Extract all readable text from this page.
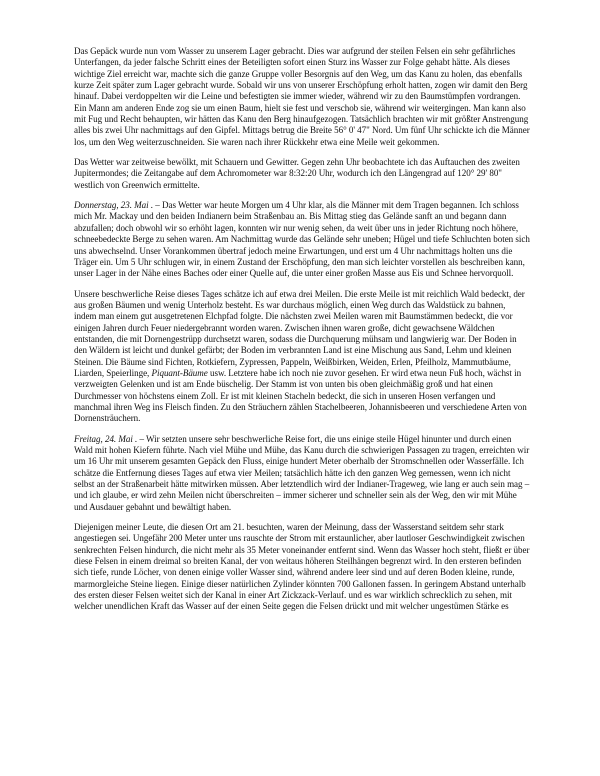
Das Gepäck wurde nun vom Wasser zu unserem Lager gebracht. Dies war aufgrund der steilen Felsen ein sehr gefährliches Unterfangen, da jeder falsche Schritt eines der Beteiligten sofort einen Sturz ins Wasser zur Folge gehabt hätte. Als dieses wichtige Ziel erreicht war, machte sich die ganze Gruppe voller Besorgnis auf den Weg, um das Kanu zu holen, das ebenfalls kurze Zeit später zum Lager gebracht wurde. Sobald wir uns von unserer Erschöpfung erholt hatten, zogen wir damit den Berg hinauf. Dabei verdoppelten wir die Leine und befestigten sie immer wieder, während wir zu den Baumstümpfen vordrangen. Ein Mann am anderen Ende zog sie um einen Baum, hielt sie fest und verschob sie, während wir weitergingen. Man kann also mit Fug und Recht behaupten, wir hätten das Kanu den Berg hinaufgezogen. Tatsächlich brachten wir mit größter Anstrengung alles bis zwei Uhr nachmittags auf den Gipfel. Mittags betrug die Breite 56° 0' 47" Nord. Um fünf Uhr schickte ich die Männer los, um den Weg weiterzuschneiden. Sie waren nach ihrer Rückkehr etwa eine Meile weit gekommen.

Das Wetter war zeitweise bewölkt, mit Schauern und Gewitter. Gegen zehn Uhr beobachtete ich das Auftauchen des zweiten Jupitermondes; die Zeitangabe auf dem Achromometer war 8:32:20 Uhr, wodurch ich den Längengrad auf 120° 29' 80" westlich von Greenwich ermittelte.

Donnerstag, 23. Mai . – Das Wetter war heute Morgen um 4 Uhr klar, als die Männer mit dem Tragen begannen. Ich schloss mich Mr. Mackay und den beiden Indianern beim Straßenbau an. Bis Mittag stieg das Gelände sanft an und begann dann abzufallen; doch obwohl wir so erhöht lagen, konnten wir nur wenig sehen, da weit über uns in jeder Richtung noch höhere, schneebedeckte Berge zu sehen waren. Am Nachmittag wurde das Gelände sehr uneben; Hügel und tiefe Schluchten boten sich uns abwechselnd. Unser Vorankommen übertraf jedoch meine Erwartungen, und erst um 4 Uhr nachmittags holten uns die Träger ein. Um 5 Uhr schlugen wir, in einem Zustand der Erschöpfung, den man sich leichter vorstellen als beschreiben kann, unser Lager in der Nähe eines Baches oder einer Quelle auf, die unter einer großen Masse aus Eis und Schnee hervorquoll.

Unsere beschwerliche Reise dieses Tages schätze ich auf etwa drei Meilen. Die erste Meile ist mit reichlich Wald bedeckt, der aus großen Bäumen und wenig Unterholz besteht. Es war durchaus möglich, einen Weg durch das Waldstück zu bahnen, indem man einem gut ausgetretenen Elchpfad folgte. Die nächsten zwei Meilen waren mit Baumstämmen bedeckt, die vor einigen Jahren durch Feuer niedergebrannt worden waren. Zwischen ihnen waren große, dicht gewachsene Wäldchen entstanden, die mit Dornengestrüpp durchsetzt waren, sodass die Durchquerung mühsam und langwierig war. Der Boden in den Wäldern ist leicht und dunkel gefärbt; der Boden im verbrannten Land ist eine Mischung aus Sand, Lehm und kleinen Steinen. Die Bäume sind Fichten, Rotkiefern, Zypressen, Pappeln, Weißbirken, Weiden, Erlen, Pfeilholz, Mammutbäume, Liarden, Speierlinge, Piquant-Bäume usw. Letztere habe ich noch nie zuvor gesehen. Er wird etwa neun Fuß hoch, wächst in verzweigten Gelenken und ist am Ende büschelig. Der Stamm ist von unten bis oben gleichmäßig groß und hat einen Durchmesser von höchstens einem Zoll. Er ist mit kleinen Stacheln bedeckt, die sich in unseren Hosen verfangen und manchmal ihren Weg ins Fleisch finden. Zu den Sträuchern zählen Stachelbeeren, Johannisbeeren und verschiedene Arten von Dornensträuchern.

Freitag, 24. Mai . – Wir setzten unsere sehr beschwerliche Reise fort, die uns einige steile Hügel hinunter und durch einen Wald mit hohen Kiefern führte. Nach viel Mühe und Mühe, das Kanu durch die schwierigen Passagen zu tragen, erreichten wir um 16 Uhr mit unserem gesamten Gepäck den Fluss, einige hundert Meter oberhalb der Stromschnellen oder Wasserfälle. Ich schätze die Entfernung dieses Tages auf etwa vier Meilen; tatsächlich hätte ich den ganzen Weg gemessen, wenn ich nicht selbst an der Straßenarbeit hätte mitwirken müssen. Aber letztendlich wird der Indianer-Trageweg, wie lang er auch sein mag – und ich glaube, er wird zehn Meilen nicht überschreiten – immer sicherer und schneller sein als der Weg, den wir mit Mühe und Ausdauer gebahnt und bewältigt haben.

Diejenigen meiner Leute, die diesen Ort am 21. besuchten, waren der Meinung, dass der Wasserstand seitdem sehr stark angestiegen sei. Ungefähr 200 Meter unter uns rauschte der Strom mit erstaunlicher, aber lautloser Geschwindigkeit zwischen senkrechten Felsen hindurch, die nicht mehr als 35 Meter voneinander entfernt sind. Wenn das Wasser hoch steht, fließt er über diese Felsen in einem dreimal so breiten Kanal, der von weitaus höheren Steilhängen begrenzt wird. In den ersteren befinden sich tiefe, runde Löcher, von denen einige voller Wasser sind, während andere leer sind und auf deren Boden kleine, runde, marmorgleiche Steine liegen. Einige dieser natürlichen Zylinder könnten 700 Gallonen fassen. In geringem Abstand unterhalb des ersten dieser Felsen weitet sich der Kanal in einer Art Zickzack-Verlauf. und es war wirklich schrecklich zu sehen, mit welcher unendlichen Kraft das Wasser auf der einen Seite gegen die Felsen drückt und mit welcher ungestümen Stärke es
